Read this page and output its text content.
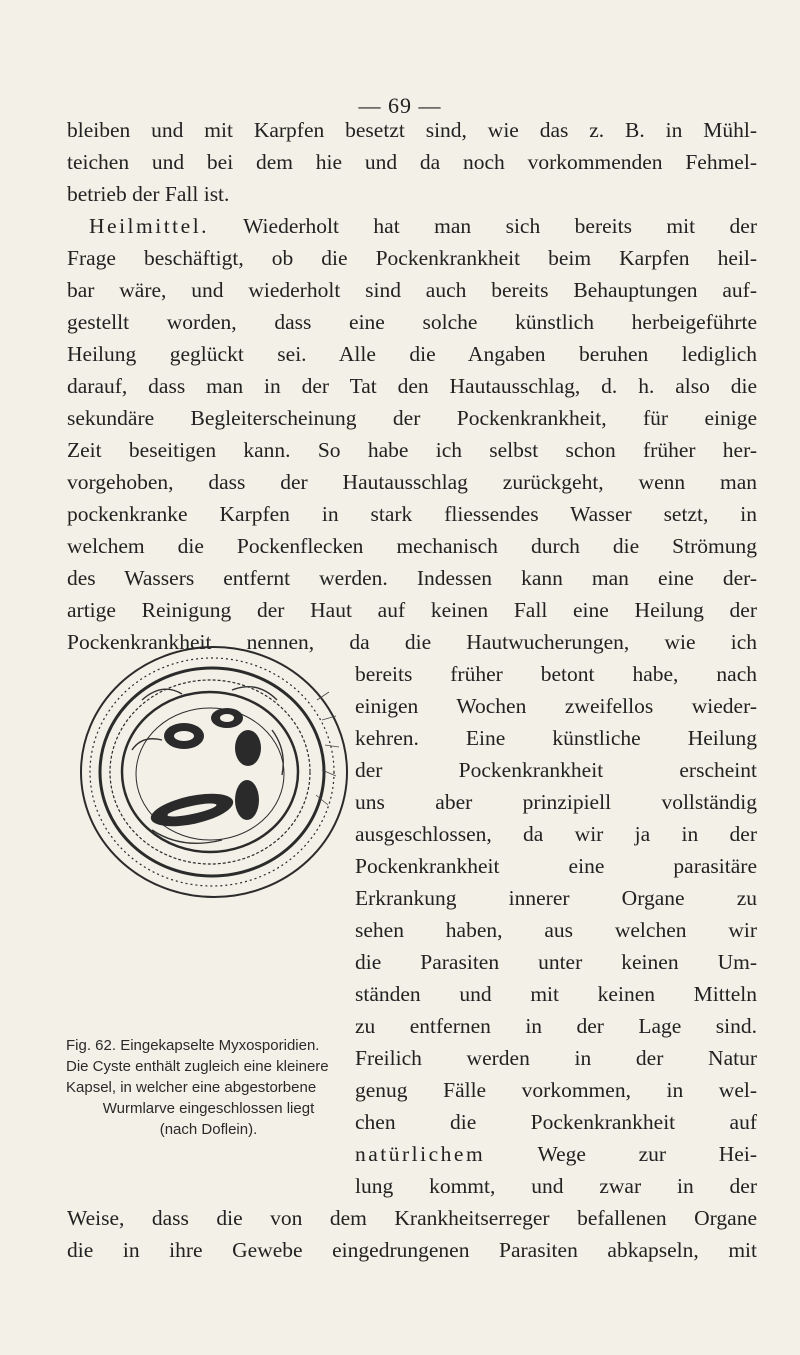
— 69 —
bleiben und mit Karpfen besetzt sind, wie das z. B. in Mühl-
teichen und bei dem hie und da noch vorkommenden Fehmel-
betrieb der Fall ist.
Heilmittel. Wiederholt hat man sich bereits mit der
Frage beschäftigt, ob die Pockenkrankheit beim Karpfen heil-
bar wäre, und wiederholt sind auch bereits Behauptungen auf-
gestellt worden, dass eine solche künstlich herbeigeführte
Heilung geglückt sei. Alle die Angaben beruhen lediglich
darauf, dass man in der Tat den Hautausschlag, d. h. also die
sekundäre Begleiterscheinung der Pockenkrankheit, für einige
Zeit beseitigen kann. So habe ich selbst schon früher her-
vorgehoben, dass der Hautausschlag zurückgeht, wenn man
pockenkranke Karpfen in stark fliessendes Wasser setzt, in
welchem die Pockenflecken mechanisch durch die Strömung
des Wassers entfernt werden. Indessen kann man eine der-
artige Reinigung der Haut auf keinen Fall eine Heilung der
Pockenkrankheit nennen, da die Hautwucherungen, wie ich
bereits früher betont habe, nach
einigen Wochen zweifellos wieder-
kehren. Eine künstliche Heilung
der Pockenkrankheit erscheint
uns aber prinzipiell vollständig
ausgeschlossen, da wir ja in der
Pockenkrankheit eine parasitäre
Erkrankung innerer Organe zu
sehen haben, aus welchen wir
die Parasiten unter keinen Um-
ständen und mit keinen Mitteln
zu entfernen in der Lage sind.
Freilich werden in der Natur
genug Fälle vorkommen, in wel-
chen die Pockenkrankheit auf
natürlichem Wege zur Hei-
lung kommt, und zwar in der
Fig. 62. Eingekapselte Myxosporidien.
Die Cyste enthält zugleich eine kleinere
Kapsel, in welcher eine abgestorbene
Wurmlarve eingeschlossen liegt
(nach Doflein).
Weise, dass die von dem Krankheitserreger befallenen Organe
die in ihre Gewebe eingedrungenen Parasiten abkapseln, mit
